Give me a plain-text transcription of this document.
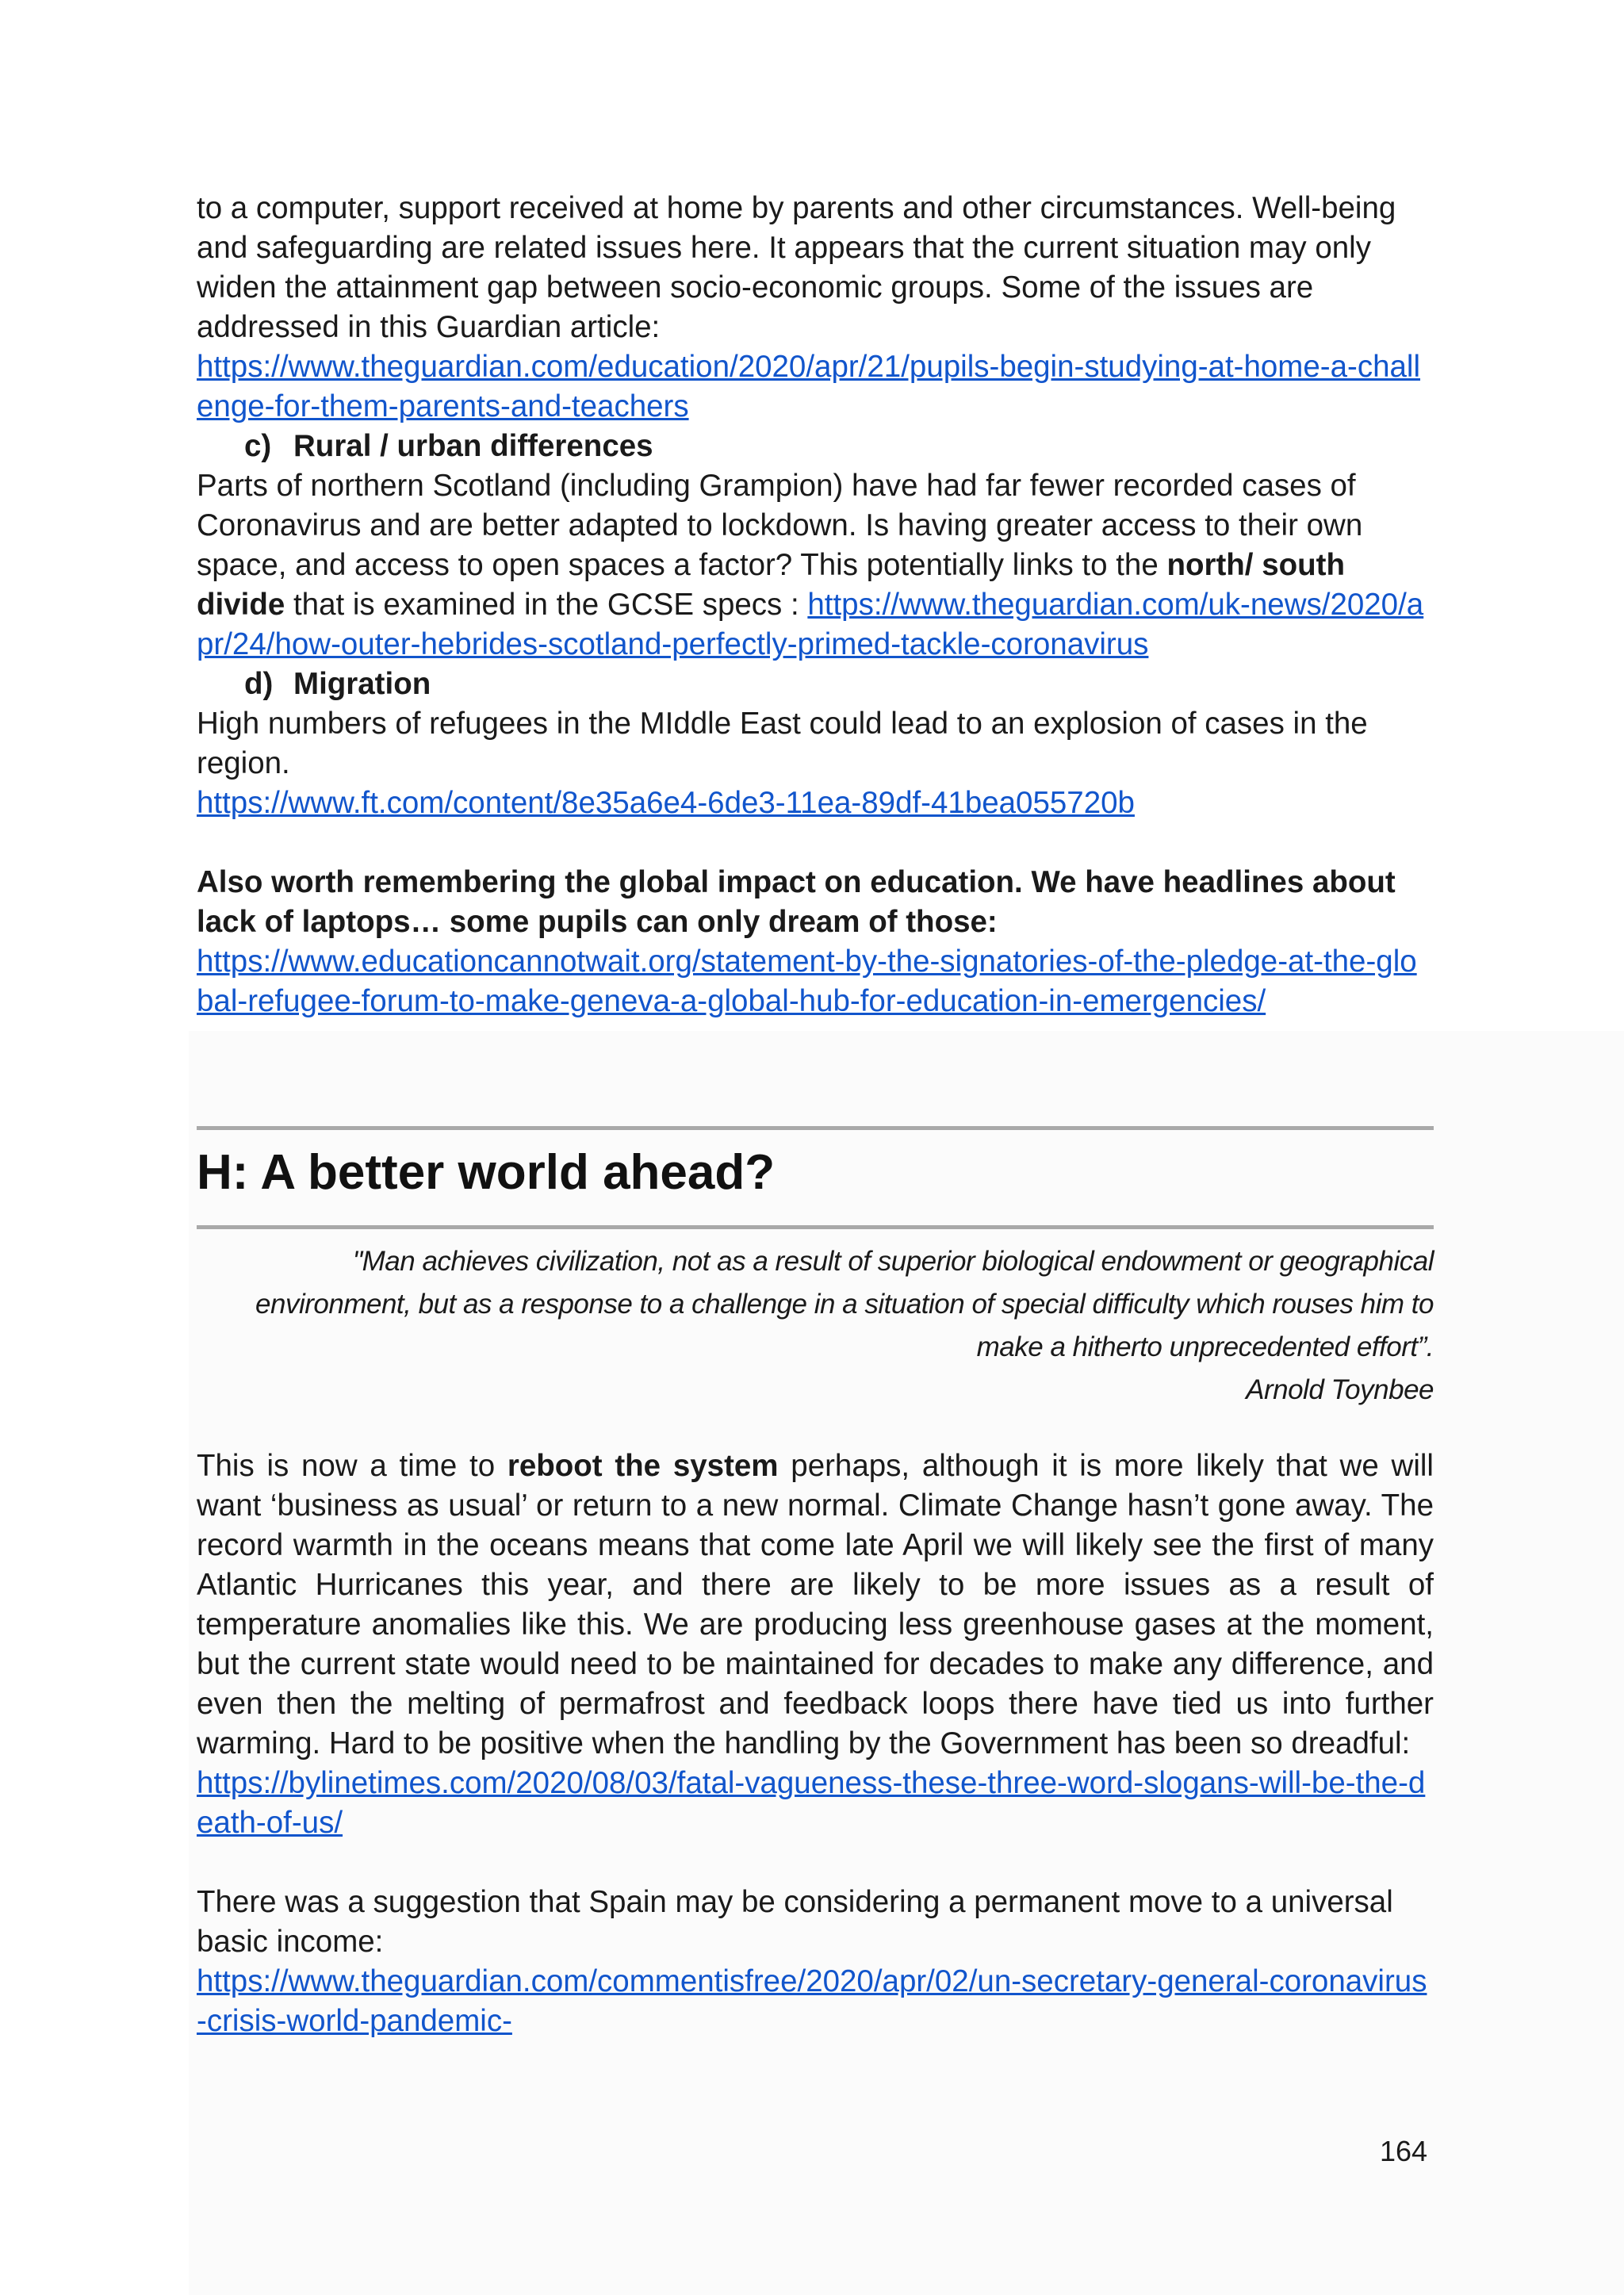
to a computer, support received at home by parents and other circumstances. Well-being and safeguarding are related issues here. It appears that the current situation may only widen the attainment gap between socio-economic groups. Some of the issues are addressed in this Guardian article:
https://www.theguardian.com/education/2020/apr/21/pupils-begin-studying-at-home-a-challenge-for-them-parents-and-teachers

c) Rural / urban differences

Parts of northern Scotland (including Grampion) have had far fewer recorded cases of Coronavirus and are better adapted to lockdown. Is having greater access to their own space, and access to open spaces a factor? This potentially links to the north/ south divide that is examined in the GCSE specs : https://www.theguardian.com/uk-news/2020/apr/24/how-outer-hebrides-scotland-perfectly-primed-tackle-coronavirus

d) Migration

High numbers of refugees in the MIddle East could lead to an explosion of cases in the region.
https://www.ft.com/content/8e35a6e4-6de3-11ea-89df-41bea055720b

Also worth remembering the global impact on education. We have headlines about lack of laptops… some pupils can only dream of those:
https://www.educationcannotwait.org/statement-by-the-signatories-of-the-pledge-at-the-global-refugee-forum-to-make-geneva-a-global-hub-for-education-in-emergencies/

H: A better world ahead?
"Man achieves civilization, not as a result of superior biological endowment or geographical
environment, but as a response to a challenge in a situation of special difficulty which rouses him to
make a hitherto unprecedented effort”.
Arnold Toynbee

This is now a time to reboot the system perhaps, although it is more likely that we will want ‘business as usual’ or return to a new normal. Climate Change hasn’t gone away. The record warmth in the oceans means that come late April we will likely see the first of many Atlantic Hurricanes this year, and there are likely to be more issues as a result of temperature anomalies like this. We are producing less greenhouse gases at the moment, but the current state would need to be maintained for decades to make any difference, and even then the melting of permafrost and feedback loops there have tied us into further warming. Hard to be positive when the handling by the Government has been so dreadful:
https://bylinetimes.com/2020/08/03/fatal-vagueness-these-three-word-slogans-will-be-the-death-of-us/

There was a suggestion that Spain may be considering a permanent move to a universal basic income:
https://www.theguardian.com/commentisfree/2020/apr/02/un-secretary-general-coronavirus-crisis-world-pandemic-

164
